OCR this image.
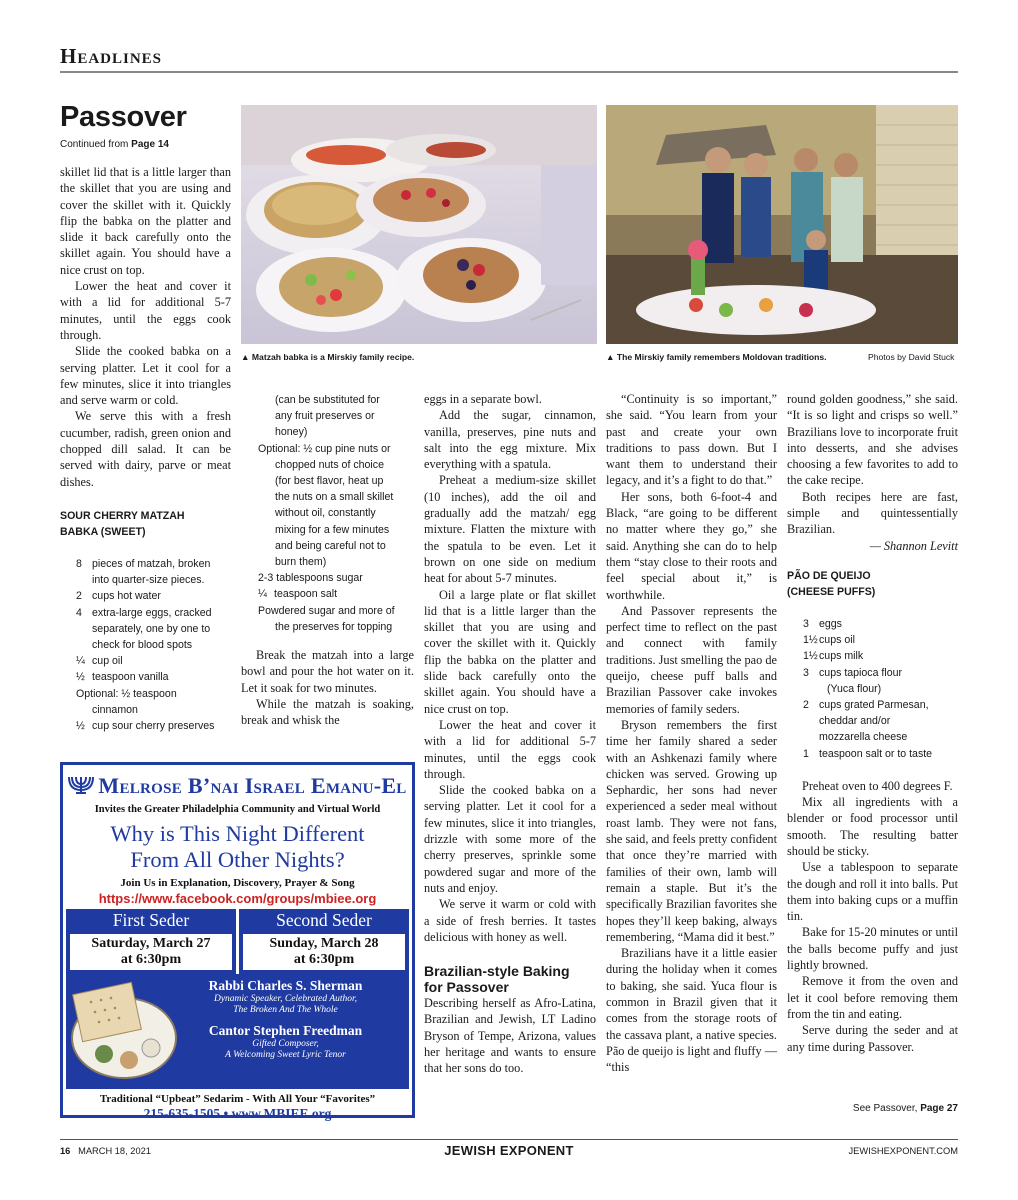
Headlines
Passover
Continued from Page 14
▲ Matzah babka is a Mirskiy family recipe.	▲ The Mirskiy family remembers Moldovan traditions.	Photos by David Stuck

skillet lid that is a little larger than the skillet that you are using and cover the skillet with it. Quickly flip the babka on the platter and slide it back carefully onto the skillet again. You should have a nice crust on top.

Lower the heat and cover it with a lid for additional 5-7 minutes, until the eggs cook through.

Slide the cooked babka on a serving platter. Let it cool for a few minutes, slice it into triangles and serve warm or cold.

We serve this with a fresh cucumber, radish, green onion and chopped dill salad. It can be served with dairy, parve or meat dishes.

SOUR CHERRY MATZAH
BABKA (SWEET)
8 pieces of matzah, broken
into quarter-size pieces.
2 cups hot water
4 extra-large eggs, cracked
separately, one by one to
check for blood spots
¼ cup oil
½ teaspoon vanilla
Optional: ½ teaspoon
cinnamon
½ cup sour cherry preserves
(can be substituted for
any fruit preserves or
honey)
Optional: ½ cup pine nuts or
chopped nuts of choice
(for best flavor, heat up
the nuts on a small skillet
without oil, constantly
mixing for a few minutes
and being careful not to
burn them)
2-3 tablespoons sugar
¼ teaspoon salt
Powdered sugar and more of
the preserves for topping

Break the matzah into a large bowl and pour the hot water on it. Let it soak for two minutes.

While the matzah is soaking, break and whisk the

eggs in a separate bowl.

Add the sugar, cinnamon, vanilla, preserves, pine nuts and salt into the egg mixture. Mix everything with a spatula.

Preheat a medium-size skillet (10 inches), add the oil and gradually add the matzah/ egg mixture. Flatten the mixture with the spatula to be even. Let it brown on one side on medium heat for about 5-7 minutes.

Oil a large plate or flat skillet lid that is a little larger than the skillet that you are using and cover the skillet with it. Quickly flip the babka on the platter and slide back carefully onto the skillet again. You should have a nice crust on top.

Lower the heat and cover it with a lid for additional 5-7 minutes, until the eggs cook through.

Slide the cooked babka on a serving platter. Let it cool for a few minutes, slice it into triangles, drizzle with some more of the cherry preserves, sprinkle some powdered sugar and more of the nuts and enjoy.

We serve it warm or cold with a side of fresh berries. It tastes delicious with honey as well.

Brazilian-style Baking for Passover

Describing herself as Afro-Latina, Brazilian and Jewish, LT Ladino Bryson of Tempe, Arizona, values her heritage and wants to ensure that her sons do too.

“Continuity is so important,” she said. “You learn from your past and create your own traditions to pass down. But I want them to understand their legacy, and it’s a fight to do that.”

Her sons, both 6-foot-4 and Black, “are going to be different no matter where they go,” she said. Anything she can do to help them “stay close to their roots and feel special about it,” is worthwhile.

And Passover represents the perfect time to reflect on the past and connect with family traditions. Just smelling the pao de queijo, cheese puff balls and Brazilian Passover cake invokes memories of family seders.

Bryson remembers the first time her family shared a seder with an Ashkenazi family where chicken was served. Growing up Sephardic, her sons had never experienced a seder meal without roast lamb. They were not fans, she said, and feels pretty confident that once they’re married with families of their own, lamb will remain a staple. But it’s the specifically Brazilian favorites she hopes they’ll keep baking, always remembering, “Mama did it best.”

Brazilians have it a little easier during the holiday when it comes to baking, she said. Yuca flour is common in Brazil given that it comes from the storage roots of the cassava plant, a native species. Pão de queijo is light and fluffy — “this

round golden goodness,” she said. “It is so light and crisps so well.” Brazilians love to incorporate fruit into desserts, and she advises choosing a few favorites to add to the cake recipe.

Both recipes here are fast, simple and quintessentially Brazilian.

— Shannon Levitt

PÃO DE QUEIJO
(CHEESE PUFFS)
3 eggs
1½ cups oil
1½ cups milk
3 cups tapioca flour
(Yuca flour)
2 cups grated Parmesan,
cheddar and/or
mozzarella cheese
1 teaspoon salt or to taste

Preheat oven to 400 degrees F.

Mix all ingredients with a blender or food processor until smooth. The resulting batter should be sticky.

Use a tablespoon to separate the dough and roll it into balls. Put them into baking cups or a muffin tin.

Bake for 15-20 minutes or until the balls become puffy and just lightly browned.

Remove it from the oven and let it cool before removing them from the tin and eating.

Serve during the seder and at any time during Passover.

See Passover, Page 27
Melrose B’nai Israel Emanu-El
Invites the Greater Philadelphia Community and Virtual World
Why is This Night Different
From All Other Nights?
Join Us in Explanation, Discovery, Prayer & Song
https://www.facebook.com/groups/mbiee.org
First Seder
Saturday, March 27
at 6:30pm
Second Seder
Sunday, March 28
at 6:30pm
Rabbi Charles S. Sherman
Dynamic Speaker, Celebrated Author,
The Broken And The Whole
Cantor Stephen Freedman
Gifted Composer,
A Welcoming Sweet Lyric Tenor
Traditional “Upbeat” Sedarim - With All Your “Favorites”
215-635-1505 • www.MBIEE.org
16 MARCH 18, 2021	JEWISH EXPONENT	JEWISHEXPONENT.COM
